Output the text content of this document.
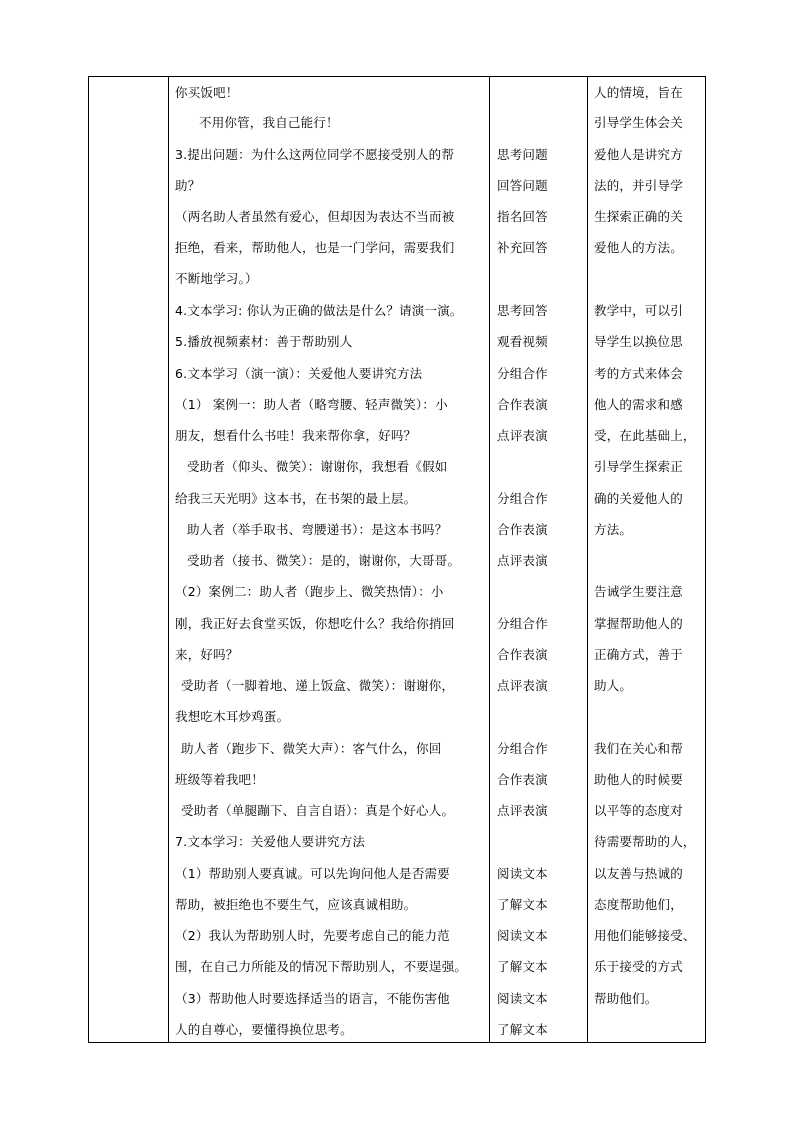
你买饭吧！
不用你管，我自己能行！
3.提出问题：为什么这两位同学不愿接受别人的帮
助？
（两名助人者虽然有爱心，但却因为表达不当而被
拒绝，看来，帮助他人，也是一门学问，需要我们
不断地学习。）
4.文本学习: 你认为正确的做法是什么？请演一演。
5.播放视频素材：善于帮助别人
6.文本学习（演一演）：关爱他人要讲究方法
（1） 案例一：助人者（略弯腰、轻声微笑）：小
朋友，想看什么书哇！我来帮你拿，好吗？
受助者（仰头、微笑）：谢谢你，我想看《假如
给我三天光明》这本书，在书架的最上层。
助人者（举手取书、弯腰递书）：是这本书吗？
受助者（接书、微笑）：是的，谢谢你，大哥哥。
（2）案例二：助人者（跑步上、微笑热情）：小
刚，我正好去食堂买饭，你想吃什么？我给你捎回
来，好吗？
受助者（一脚着地、递上饭盒、微笑）：谢谢你，
我想吃木耳炒鸡蛋。
助人者（跑步下、微笑大声）：客气什么，你回
班级等着我吧！
受助者（单腿蹦下、自言自语）：真是个好心人。
7.文本学习：关爱他人要讲究方法
（1）帮助别人要真诚。可以先询问他人是否需要
帮助，被拒绝也不要生气，应该真诚相助。
（2）我认为帮助别人时，先要考虑自己的能力范
围，在自己力所能及的情况下帮助别人，不要逞强。
（3）帮助他人时要选择适当的语言，不能伤害他
人的自尊心，要懂得换位思考。
思考问题
回答问题
指名回答
补充回答
思考回答
观看视频
分组合作
合作表演
点评表演
分组合作
合作表演
点评表演
分组合作
合作表演
点评表演
分组合作
合作表演
点评表演
阅读文本
了解文本
阅读文本
了解文本
阅读文本
了解文本
人的情境，旨在
引导学生体会关
爱他人是讲究方
法的，并引导学
生探索正确的关
爱他人的方法。
教学中，可以引
导学生以换位思
考的方式来体会
他人的需求和感
受，在此基础上，
引导学生探索正
确的关爱他人的
方法。
告诫学生要注意
掌握帮助他人的
正确方式，善于
助人。
我们在关心和帮
助他人的时候要
以平等的态度对
待需要帮助的人，
以友善与热诚的
态度帮助他们，
用他们能够接受、
乐于接受的方式
帮助他们。
